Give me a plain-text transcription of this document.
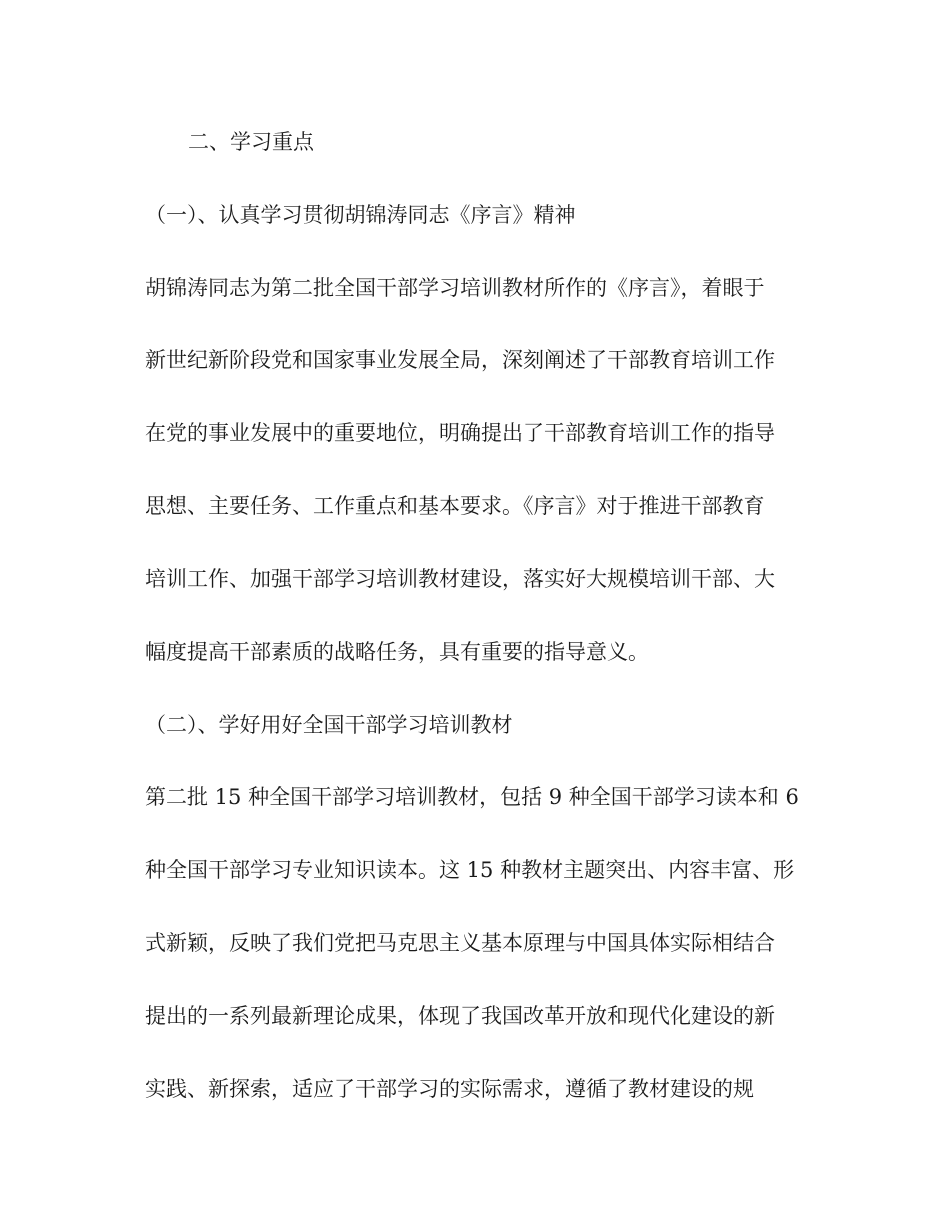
二、学习重点
（一）、认真学习贯彻胡锦涛同志《序言》精神
胡锦涛同志为第二批全国干部学习培训教材所作的《序言》，着眼于
新世纪新阶段党和国家事业发展全局，深刻阐述了干部教育培训工作
在党的事业发展中的重要地位，明确提出了干部教育培训工作的指导
思想、主要任务、工作重点和基本要求。《序言》对于推进干部教育
培训工作、加强干部学习培训教材建设，落实好大规模培训干部、大
幅度提高干部素质的战略任务，具有重要的指导意义。
（二）、学好用好全国干部学习培训教材
第二批 15 种全国干部学习培训教材，包括 9 种全国干部学习读本和 6
种全国干部学习专业知识读本。这 15 种教材主题突出、内容丰富、形
式新颖，反映了我们党把马克思主义基本原理与中国具体实际相结合
提出的一系列最新理论成果，体现了我国改革开放和现代化建设的新
实践、新探索，适应了干部学习的实际需求，遵循了教材建设的规
